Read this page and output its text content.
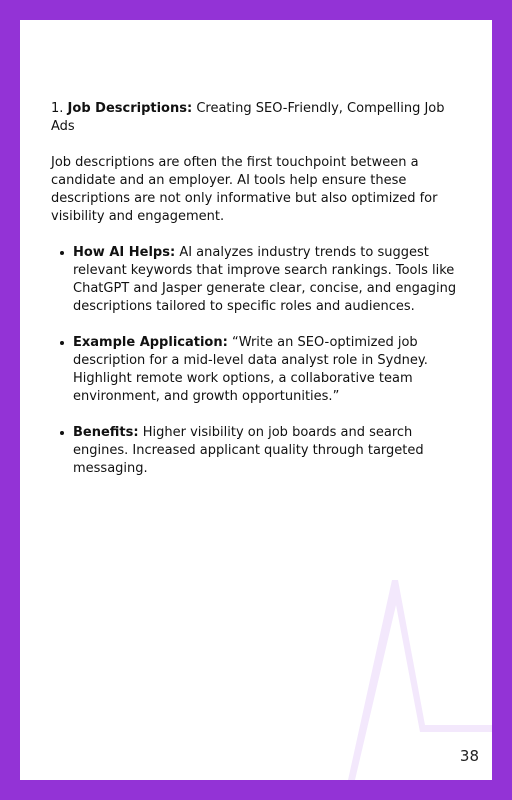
1. Job Descriptions: Creating SEO-Friendly, Compelling Job Ads

Job descriptions are often the first touchpoint between a candidate and an employer. AI tools help ensure these descriptions are not only informative but also optimized for visibility and engagement.

How AI Helps: AI analyzes industry trends to suggest relevant keywords that improve search rankings. Tools like ChatGPT and Jasper generate clear, concise, and engaging descriptions tailored to specific roles and audiences.
Example Application: “Write an SEO-optimized job description for a mid-level data analyst role in Sydney. Highlight remote work options, a collaborative team environment, and growth opportunities.”
Benefits: Higher visibility on job boards and search engines. Increased applicant quality through targeted messaging.
38
